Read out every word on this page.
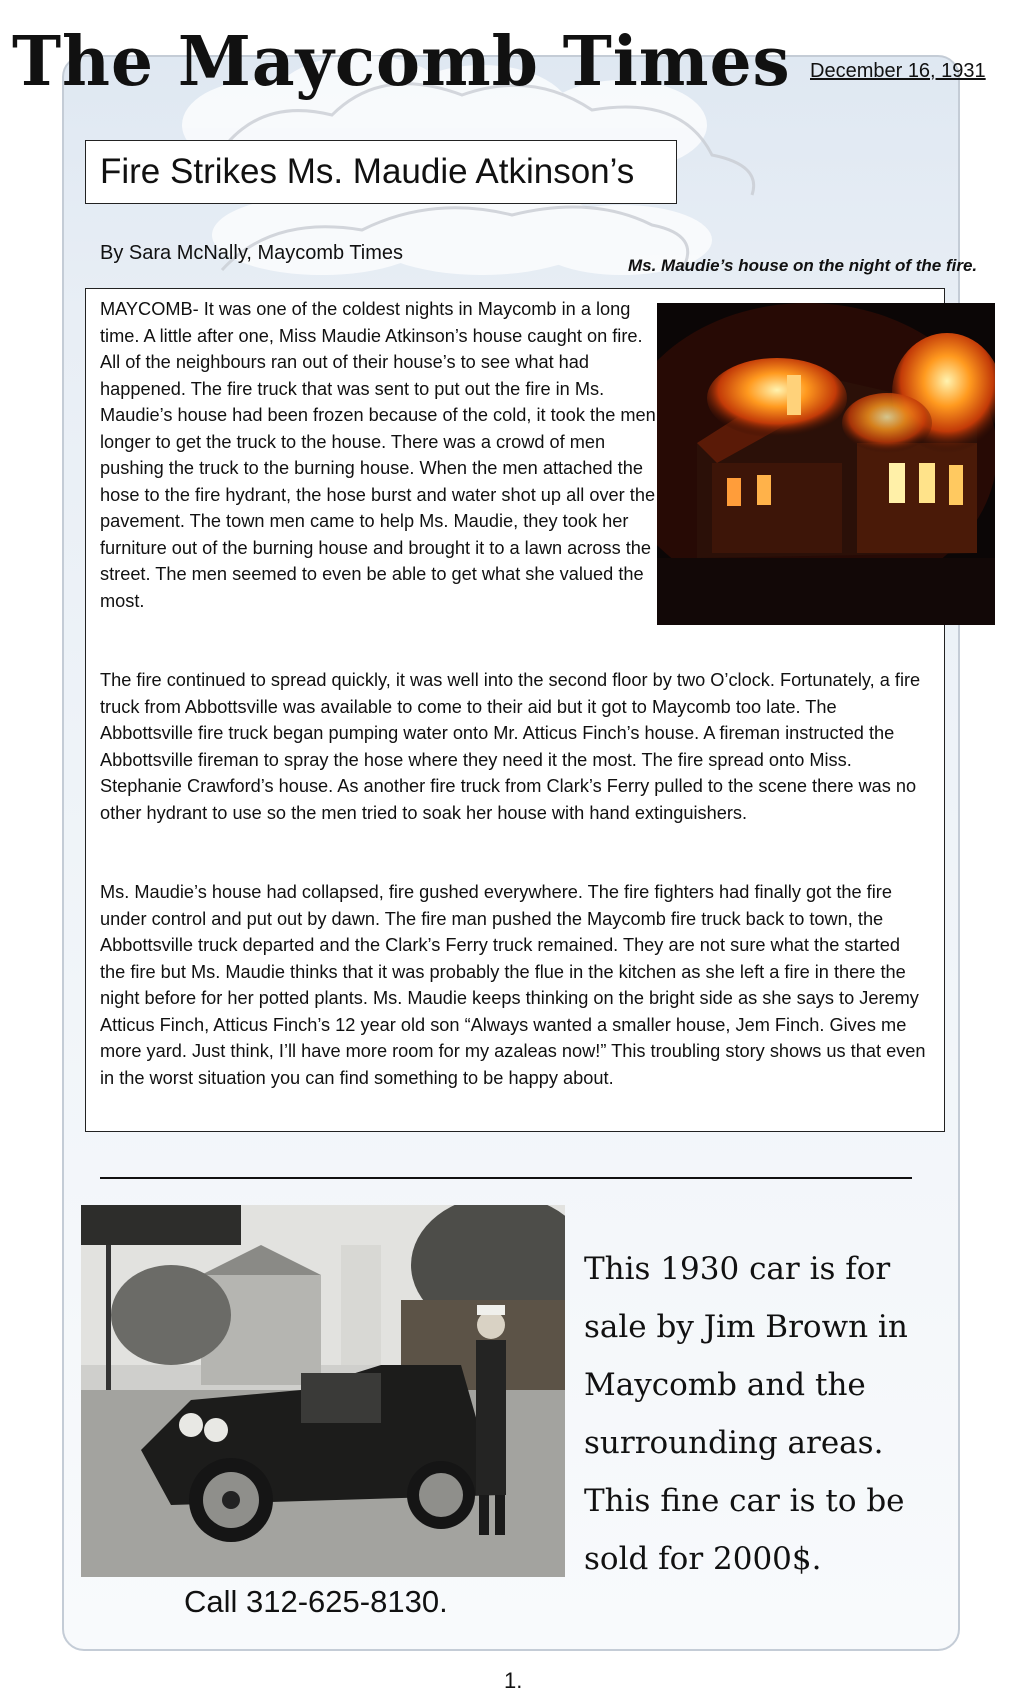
The Maycomb Times December 16, 1931
Fire Strikes Ms. Maudie Atkinson’s
By Sara McNally, Maycomb Times
Ms. Maudie’s house on the night of the fire.

MAYCOMB- It was one of the coldest nights in Maycomb in a long time. A little after one, Miss Maudie Atkinson’s house caught on fire. All of the neighbours ran out of their house’s to see what had happened. The fire truck that was sent to put out the fire in Ms. Maudie’s house had been frozen because of the cold, it took the men longer to get the truck to the house. There was a crowd of men pushing the truck to the burning house. When the men attached the hose to the fire hydrant, the hose burst and water shot up all over the pavement. The town men came to help Ms. Maudie, they took her furniture out of the burning house and brought it to a lawn across the street. The men seemed to even be able to get what she valued the most.

The fire continued to spread quickly, it was well into the second floor by two O’clock. Fortunately, a fire truck from Abbottsville was available to come to their aid but it got to Maycomb too late. The Abbottsville fire truck began pumping water onto Mr. Atticus Finch’s house. A fireman instructed the Abbottsville fireman to spray the hose where they need it the most. The fire spread onto Miss. Stephanie Crawford’s house. As another fire truck from Clark’s Ferry pulled to the scene there was no other hydrant to use so the men tried to soak her house with hand extinguishers.

Ms. Maudie’s house had collapsed, fire gushed everywhere. The fire fighters had finally got the fire under control and put out by dawn. The fire man pushed the Maycomb fire truck back to town, the Abbottsville truck departed and the Clark’s Ferry truck remained. They are not sure what the started the fire but Ms. Maudie thinks that it was probably the flue in the kitchen as she left a fire in there the night before for her potted plants. Ms. Maudie keeps thinking on the bright side as she says to Jeremy Atticus Finch, Atticus Finch’s 12 year old son “Always wanted a smaller house, Jem Finch. Gives me more yard. Just think, I’ll have more room for my azaleas now!” This troubling story shows us that even in the worst situation you can find something to be happy about.

This 1930 car is for sale by Jim Brown in Maycomb and the surrounding areas. This fine car is to be sold for 2000$.

Call 312-625-8130.
1.
